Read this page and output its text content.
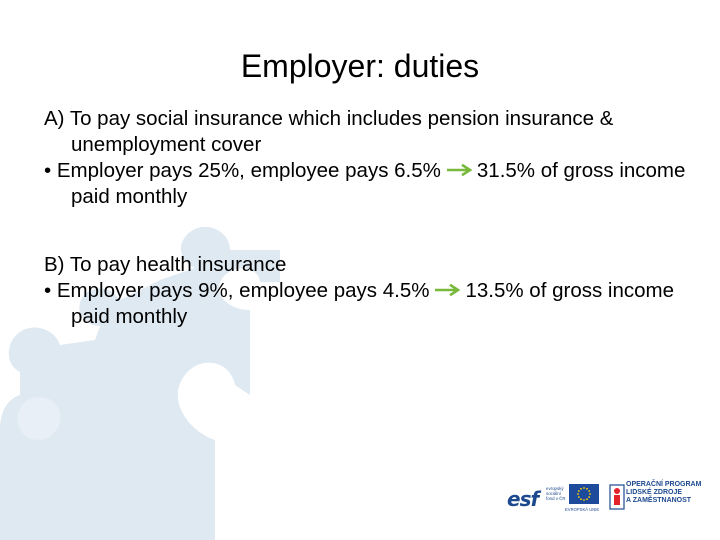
Employer: duties

A) To pay social insurance which includes pension insurance & unemployment cover

• Employer pays 25%, employee pays 6.5% 31.5% of gross income paid monthly

B) To pay health insurance

• Employer pays 9%, employee pays 4.5% 13.5% of gross income paid monthly

esf evropský
sociální
fond v ČR
EVROPSKÁ UNIE
OPERAČNÍ PROGRAM
LIDSKÉ ZDROJE
A ZAMĚSTNANOST
